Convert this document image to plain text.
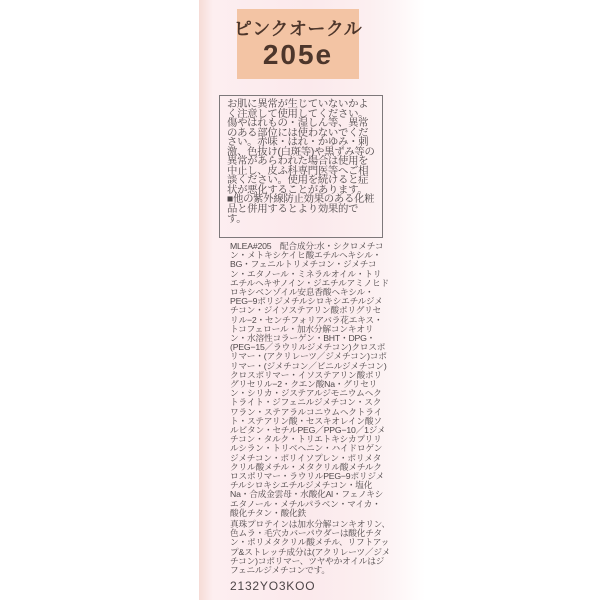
ピンクオークル
205e

お肌に異常が生じていないかよく注意して使用してください。傷やはれもの・湿しん等、異常のある部位には使わないでください。赤味・はれ・かゆみ・刺激、色抜け(白斑等)や黒ずみ等の異常があらわれた場合は使用を中止し、皮ふ科専門医等へご相談ください。使用を続けると症状が悪化することがあります。

■他の紫外線防止効果のある化粧品と併用するとより効果的です。

MLEA#205　配合成分:水・シクロメチコン・メトキシケイヒ酸エチルヘキシル・BG・フェニルトリメチコン・ジメチコン・エタノール・ミネラルオイル・トリエチルヘキサノイン・ジエチルアミノヒドロキシベンゾイル安息香酸ヘキシル・PEG−9ポリジメチルシロキシエチルジメチコン・ジイソステアリン酸ポリグリセリル−2・センチフォリアバラ花エキス・トコフェロール・加水分解コンキオリン・水溶性コラーゲン・BHT・DPG・(PEG−15／ラウリルジメチコン)クロスポリマー・(アクリレーツ／ジメチコン)コポリマー・(ジメチコン／ビニルジメチコン)クロスポリマー・イソステアリン酸ポリグリセリル−2・クエン酸Na・グリセリン・シリカ・ジステアルジモニウムヘクトライト・ジフェニルジメチコン・スクワラン・ステアラルコニウムヘクトライト・ステアリン酸・セスキオレイン酸ソルビタン・セチルPEG／PPG−10／1ジメチコン・タルク・トリエトキシカプリリルシラン・トリベヘニン・ハイドロゲンジメチコン・ポリイソプレン・ポリメタクリル酸メチル・メタクリル酸メチルクロスポリマー・ラウリルPEG−9ポリジメチルシロキシエチルジメチコン・塩化Na・合成金雲母・水酸化Al・フェノキシエタノール・メチルパラベン・マイカ・酸化チタン・酸化鉄

真珠プロテインは加水分解コンキオリン、色ムラ・毛穴カバーパウダーは酸化チタン・ポリメタクリル酸メチル、リフトアップ&ストレッチ成分は(アクリレーツ／ジメチコン)コポリマー、ツヤやかオイルはジフェニルジメチコンです。

2132YO3KOO
